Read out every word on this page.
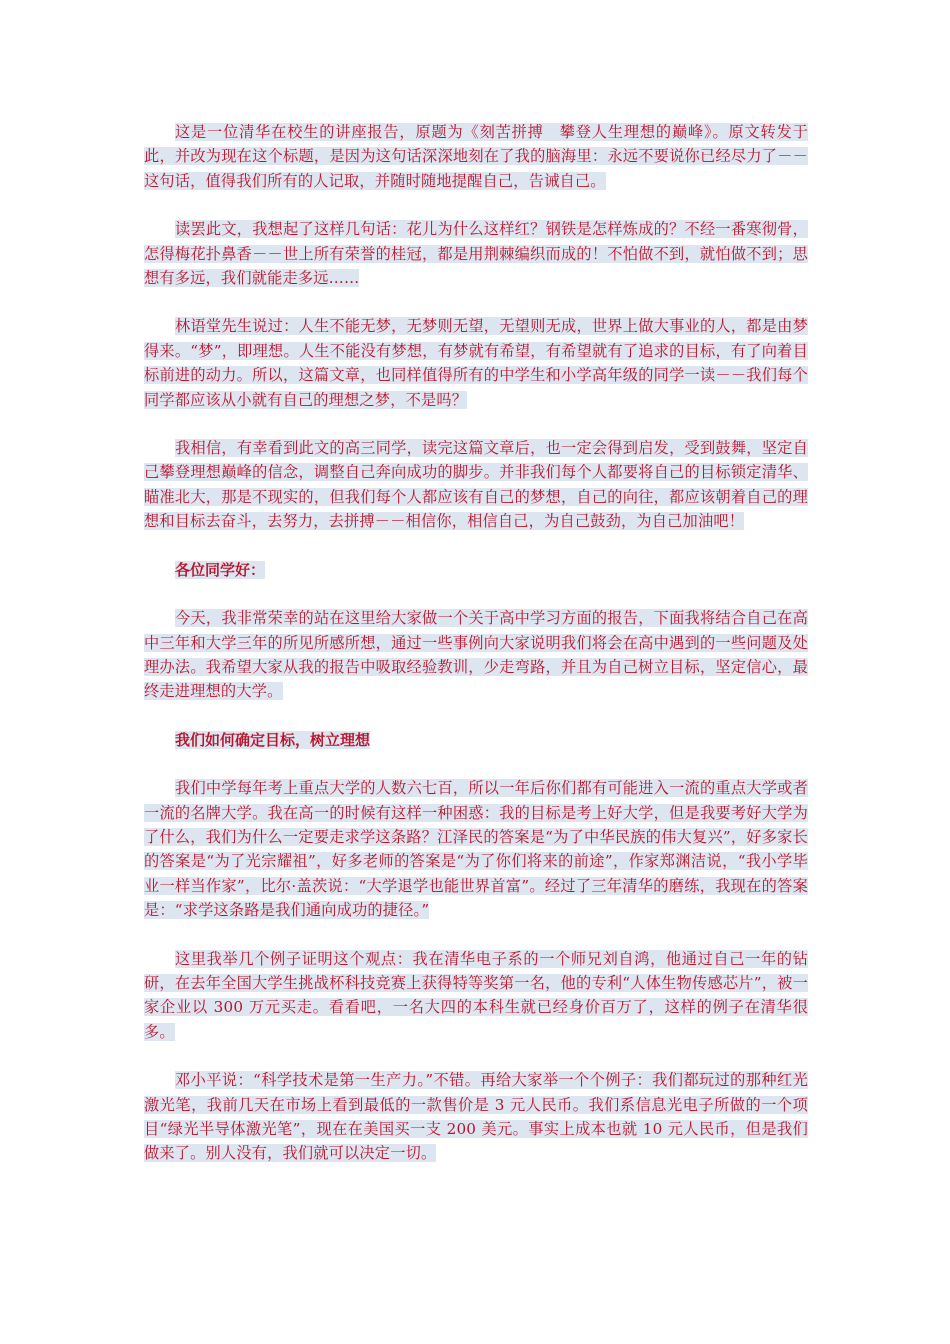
这是一位清华在校生的讲座报告，原题为《刻苦拼搏　攀登人生理想的巅峰》。原文转发于此，并改为现在这个标题，是因为这句话深深地刻在了我的脑海里：永远不要说你已经尽力了－－这句话，值得我们所有的人记取，并随时随地提醒自己，告诫自己。

读罢此文，我想起了这样几句话：花儿为什么这样红？钢铁是怎样炼成的？不经一番寒彻骨，怎得梅花扑鼻香－－世上所有荣誉的桂冠，都是用荆棘编织而成的！不怕做不到，就怕做不到；思想有多远，我们就能走多远……

林语堂先生说过：人生不能无梦，无梦则无望，无望则无成，世界上做大事业的人，都是由梦得来。“梦”，即理想。人生不能没有梦想，有梦就有希望，有希望就有了追求的目标，有了向着目标前进的动力。所以，这篇文章，也同样值得所有的中学生和小学高年级的同学一读－－我们每个同学都应该从小就有自己的理想之梦，不是吗？

我相信，有幸看到此文的高三同学，读完这篇文章后，也一定会得到启发，受到鼓舞，坚定自己攀登理想巅峰的信念，调整自己奔向成功的脚步。并非我们每个人都要将自己的目标锁定清华、瞄准北大，那是不现实的，但我们每个人都应该有自己的梦想，自己的向往，都应该朝着自己的理想和目标去奋斗，去努力，去拼搏－－相信你，相信自己，为自己鼓劲，为自己加油吧！

各位同学好：

今天，我非常荣幸的站在这里给大家做一个关于高中学习方面的报告，下面我将结合自己在高中三年和大学三年的所见所感所想，通过一些事例向大家说明我们将会在高中遇到的一些问题及处理办法。我希望大家从我的报告中吸取经验教训，少走弯路，并且为自己树立目标，坚定信心，最终走进理想的大学。

我们如何确定目标，树立理想

我们中学每年考上重点大学的人数六七百，所以一年后你们都有可能进入一流的重点大学或者一流的名牌大学。我在高一的时候有这样一种困惑：我的目标是考上好大学，但是我要考好大学为了什么，我们为什么一定要走求学这条路？江泽民的答案是“为了中华民族的伟大复兴”，好多家长的答案是“为了光宗耀祖”，好多老师的答案是“为了你们将来的前途”，作家郑渊洁说，“我小学毕业一样当作家”，比尔·盖茨说：“大学退学也能世界首富”。经过了三年清华的磨练，我现在的答案是：“求学这条路是我们通向成功的捷径。”

这里我举几个例子证明这个观点：我在清华电子系的一个师兄刘自鸿，他通过自己一年的钻研，在去年全国大学生挑战杯科技竞赛上获得特等奖第一名，他的专利“人体生物传感芯片”，被一家企业以 300 万元买走。看看吧，一名大四的本科生就已经身价百万了，这样的例子在清华很多。

邓小平说：“科学技术是第一生产力。”不错。再给大家举一个个例子：我们都玩过的那种红光激光笔，我前几天在市场上看到最低的一款售价是 3 元人民币。我们系信息光电子所做的一个项目“绿光半导体激光笔”，现在在美国买一支 200 美元。事实上成本也就 10 元人民币，但是我们做来了。别人没有，我们就可以决定一切。
